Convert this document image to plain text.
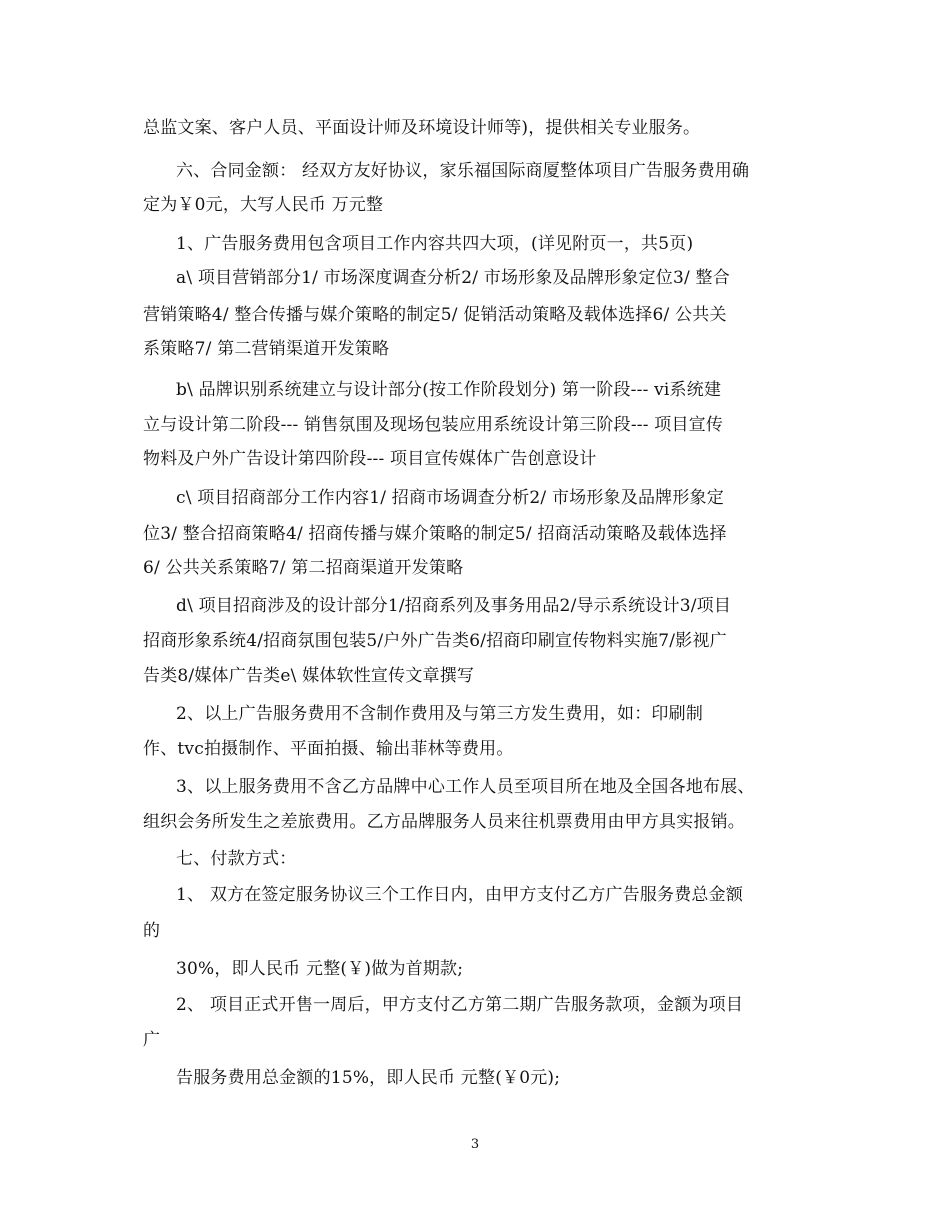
总监文案、客户人员、平面设计师及环境设计师等)，提供相关专业服务。
六、合同金额： 经双方友好协议，家乐福国际商厦整体项目广告服务费用确
定为￥0元，大写人民币 万元整
1、广告服务费用包含项目工作内容共四大项，(详见附页一，共5页)
a\ 项目营销部分1/ 市场深度调查分析2/ 市场形象及品牌形象定位3/ 整合
营销策略4/ 整合传播与媒介策略的制定5/ 促销活动策略及载体选择6/ 公共关
系策略7/ 第二营销渠道开发策略
b\ 品牌识别系统建立与设计部分(按工作阶段划分) 第一阶段--- vi系统建
立与设计第二阶段--- 销售氛围及现场包装应用系统设计第三阶段--- 项目宣传
物料及户外广告设计第四阶段--- 项目宣传媒体广告创意设计
c\ 项目招商部分工作内容1/ 招商市场调查分析2/ 市场形象及品牌形象定
位3/ 整合招商策略4/ 招商传播与媒介策略的制定5/ 招商活动策略及载体选择
6/ 公共关系策略7/ 第二招商渠道开发策略
d\ 项目招商涉及的设计部分1/招商系列及事务用品2/导示系统设计3/项目
招商形象系统4/招商氛围包装5/户外广告类6/招商印刷宣传物料实施7/影视广
告类8/媒体广告类e\ 媒体软性宣传文章撰写
2、以上广告服务费用不含制作费用及与第三方发生费用，如：印刷制
作、tvc拍摄制作、平面拍摄、输出菲林等费用。
3、以上服务费用不含乙方品牌中心工作人员至项目所在地及全国各地布展、
组织会务所发生之差旅费用。乙方品牌服务人员来往机票费用由甲方具实报销。
七、付款方式：
1、 双方在签定服务协议三个工作日内，由甲方支付乙方广告服务费总金额
的
30%，即人民币 元整(￥)做为首期款;
2、 项目正式开售一周后，甲方支付乙方第二期广告服务款项，金额为项目
广
告服务费用总金额的15%，即人民币 元整(￥0元);
3
